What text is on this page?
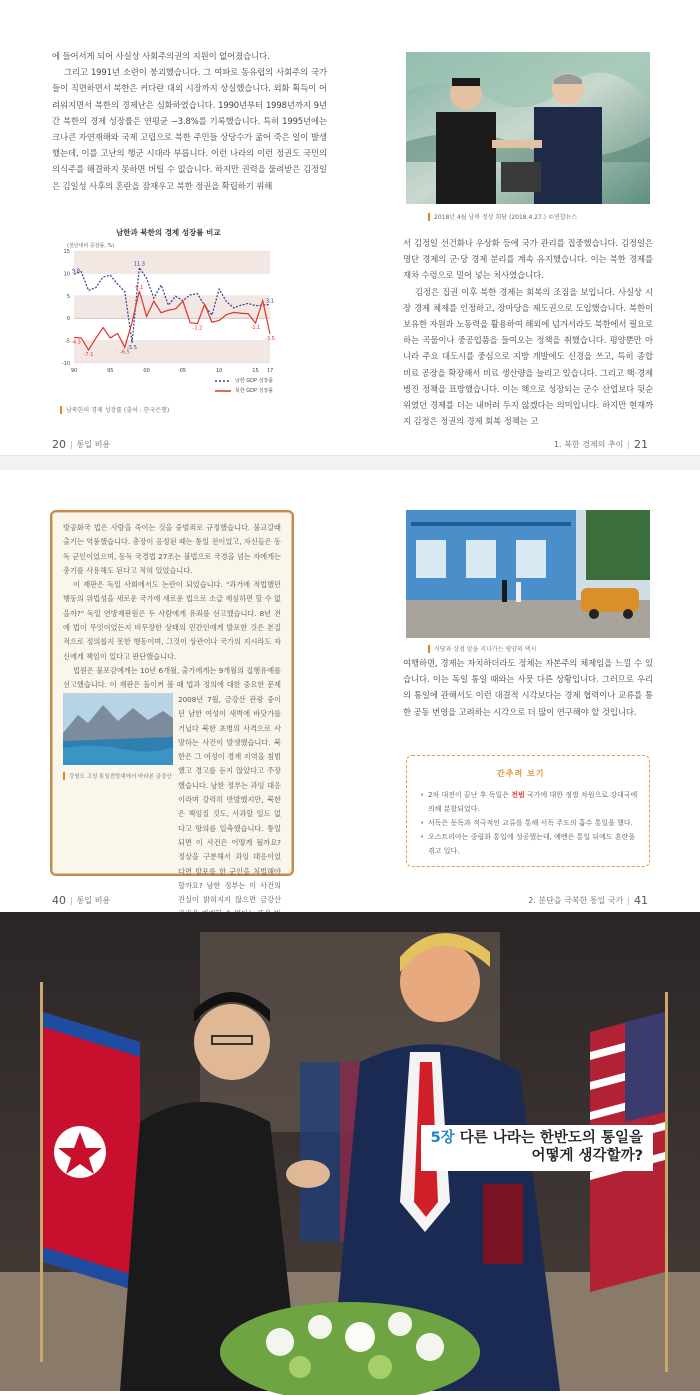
에 들어서게 되어 사실상 사회주의권의 지원이 없어졌습니다.

그리고 1991년 소련이 붕괴했습니다. 그 여파로 동유럽의 사회주의 국가들이 직면하면서 북한은 커다란 대외 시장까지 상실했습니다. 외화 획득이 어려워지면서 북한의 경제난은 심화하였습니다. 1990년부터 1998년까지 9년간 북한의 경제 성장률은 연평균 −3.8%를 기록했습니다. 특히 1995년에는 크나큰 자연재해와 국제 고립으로 북한 주민들 상당수가 굶어 죽은 일이 발생했는데, 이를 고난의 행군 시대라 부릅니다. 이런 나라의 이런 정권도 국민의 의식주를 해결하지 못하면 버틸 수 없습니다. 하지만 권력을 물려받은 김정일은 김일성 사후의 혼란을 잠재우고 북한 정권을 확립하기 위해

남한과 북한의 경제 성장률 비교
(전년대비 증감률, %)
15
10
5
0
-5
-10
90	95	00	05	10	15 17
9.8
-4.3
-7.1	-6.5
-5.5
11.3
6.1
-1.2
3.1
-1.1
-3.5
남한 GDP 성장률
북한 GDP 성장률
남북한의 경제 성장률 (출처 : 한국은행)
2018년 4월 남북 정상 회담 (2018.4.27.) ©연합뉴스

서 김정일 선건화나 우상화 등에 국가 관리를 집중했습니다. 김정일은 명단 경제의 군·당 경제 분리를 계속 유지했습니다. 이는 북한 경제를 재차 수렁으로 밀어 넣는 처사였습니다.

김정은 집권 이후 북한 경제는 회복의 조짐을 보입니다. 사실상 시장 경제 체제를 인정하고, 장마당을 제도권으로 도입했습니다. 북한이 보유한 자원과 노동력을 활용하여 해외에 넘겨서라도 북한에서 필요로 하는 곡물이나 중공업품을 들여오는 정책을 취했습니다. 평양뿐만 아니라 주요 대도시를 중심으로 지방 개발에도 신경을 쓰고, 특히 종합 비료 공장을 확장해서 비료 생산량을 늘리고 있습니다. 그리고 핵·경제 병진 정책을 표방했습니다. 이는 핵으로 성장되는 군수 산업보다 뒷순위였던 경제를 더는 내버려 두지 않겠다는 의미입니다. 하지만 현재까지 김정은 정권의 경제 회복 정책는 고

20 | 통일 비용	1. 북한 경제의 추이 | 21

방공화국 법은 사람을 죽이는 것을 중범죄로 규정했습니다. 불교갈래 출기는 역풍했습니다. 총장이 음정된 때는 통일 전이었고, 자신들은 동독 군인이었으며, 동독 국경법 27조는 불법으로 국경을 넘는 자에게는 총기를 사용해도 된다고 적혀 있었습니다.

이 재판은 독일 사회에서도 논란이 되었습니다. "과거에 적법했던 행동의 위법성을 새로운 국가에 새로운 법으로 소급 재심하면 할 수 없을까?" 독일 연방재판원은 두 사람에게 유죄를 선고했습니다. 8년 전에 법이 무엇이었든지 비무장한 상태의 민간인에게 발포한 것은 본질적으로 정의롭지 못한 행동이며, 그것이 상관이나 국가의 지시라도 자신에게 책임이 있다고 판단했습니다.

법원은 불포감에게는 10년 6개월, 출가에게는 9개월의 집행유예를 선고했습니다. 이 재판은 돌이켜 볼 때 법과 정의에 대한 중요한 문제

강원도 고성 통일전망대에서 바라본 금강산

2008년 7월, 금강산 관광 중이던 남한 여성이 새벽에 바닷가를 거닐다 북한 초병의 사격으로 사망하는 사건이 발생했습니다. 북한은 그 여성이 경계 지역을 침범했고 경고를 듣지 않았다고 주장했습니다. 남한 정부는 과잉 대응이라며 강력히 반발했지만, 북한은 책임질 것도, 사과할 일도 없다고 항의를 일축했습니다. 통일되면 이 사건은 어떻게 될까요? 정상을 구분해서 과잉 대응이었다면 발포를 한 군인을 처벌해야 할까요? 남한 정부는 이 사건의 진실이 밝혀지지 않으면 금강산

식당과 상점 앞을 지나가는 평양의 택시

여행하면, 경제는 자치하더라도 정체는 자본주의 체제임을 느낄 수 있습니다. 이는 독일 통일 때와는 사뭇 다른 상황입니다. 그러므로 우리의 통일에 관해서도 이런 대결적 시각보다는 경제 협력이나 교류를 통한 공동 번영을 고려하는 시각으로 더 많이 연구해야 할 것입니다.

간추려 보기
• 2차 대전이 끝난 후 독일은 전범 국가에 대한 정벌 차원으로 강대국에 의해 분할되었다.
• 서독은 동독과 적극적인 교류를 통해 서독 주도의 흡수 통일을 했다.
• 오스트리아는 중립화 통일에 성공했는데, 예멘은 통일 뒤에도 혼란을 겪고 있다.
40 | 통일 비용	2. 분단을 극복한 통일 국가 | 41
5장 다른 나라는 한반도의 통일을
어떻게 생각할까?
